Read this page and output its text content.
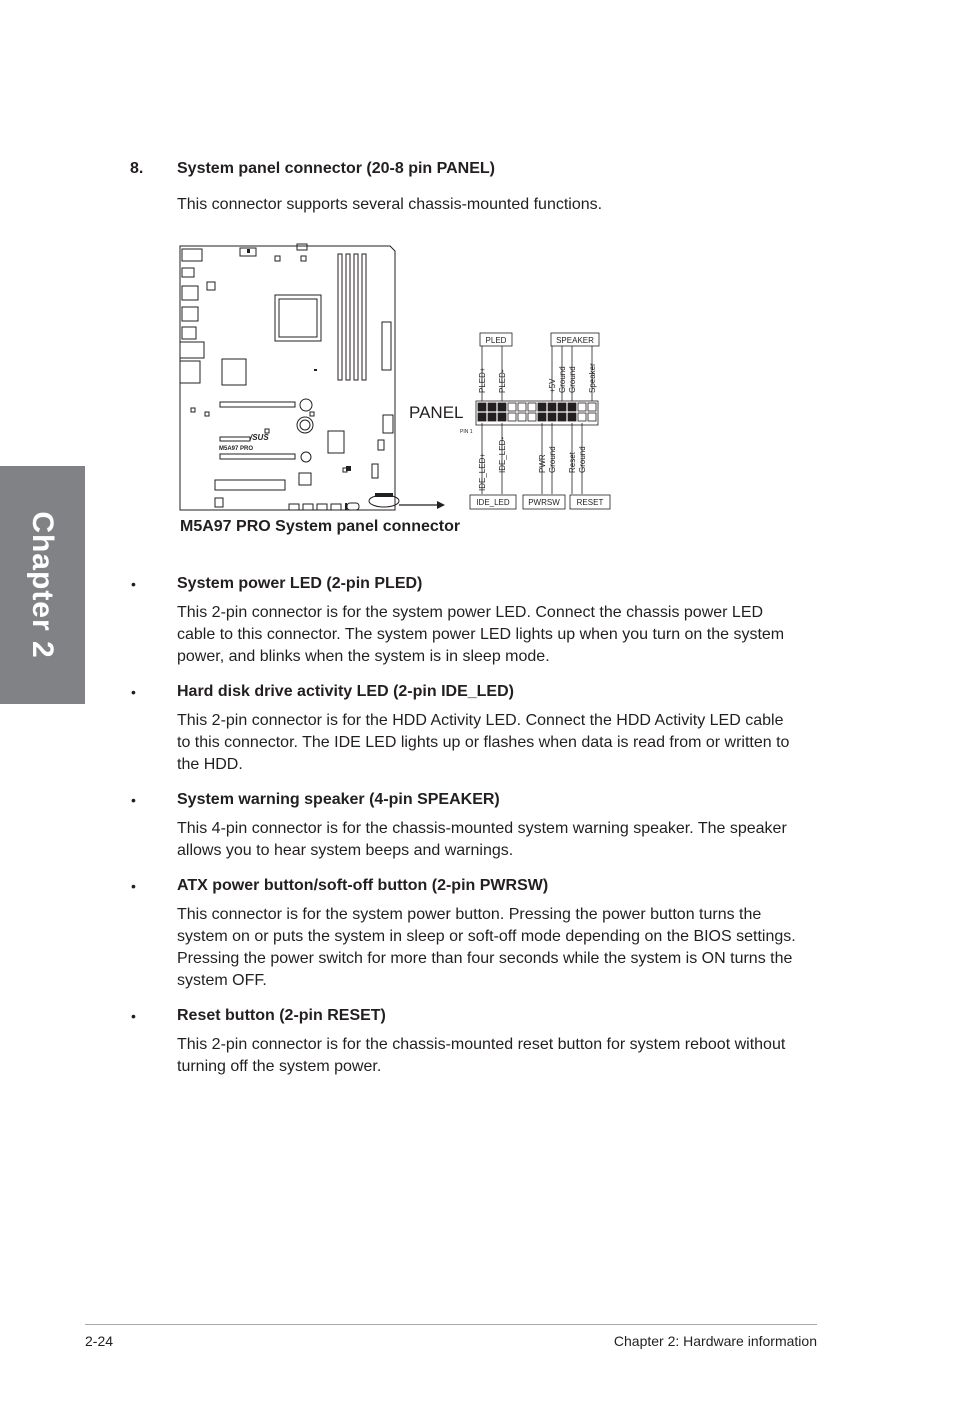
Chapter 2
8. System panel connector (20-8 pin PANEL)
This connector supports several chassis-mounted functions.
/SUS
M5A97 PRO
PANEL
PIN 1
PLED	SPEAKER
IDE_LED PWRSW RESET
PLED+ PLED-	+5V Ground Ground Speaker
IDE_LED+ IDE_LED-	PWR Ground Reset Ground
M5A97 PRO System panel connector
•	System power LED (2-pin PLED)
This 2-pin connector is for the system power LED. Connect the chassis power LED
cable to this connector. The system power LED lights up when you turn on the system
power, and blinks when the system is in sleep mode.
•	Hard disk drive activity LED (2-pin IDE_LED)
This 2-pin connector is for the HDD Activity LED. Connect the HDD Activity LED cable
to this connector. The IDE LED lights up or flashes when data is read from or written to
the HDD.
•	System warning speaker (4-pin SPEAKER)
This 4-pin connector is for the chassis-mounted system warning speaker. The speaker
allows you to hear system beeps and warnings.
•	ATX power button/soft-off button (2-pin PWRSW)
This connector is for the system power button. Pressing the power button turns the
system on or puts the system in sleep or soft-off mode depending on the BIOS settings.
Pressing the power switch for more than four seconds while the system is ON turns the
system OFF.
•	Reset button (2-pin RESET)
This 2-pin connector is for the chassis-mounted reset button for system reboot without
turning off the system power.
2-24	Chapter 2: Hardware information
